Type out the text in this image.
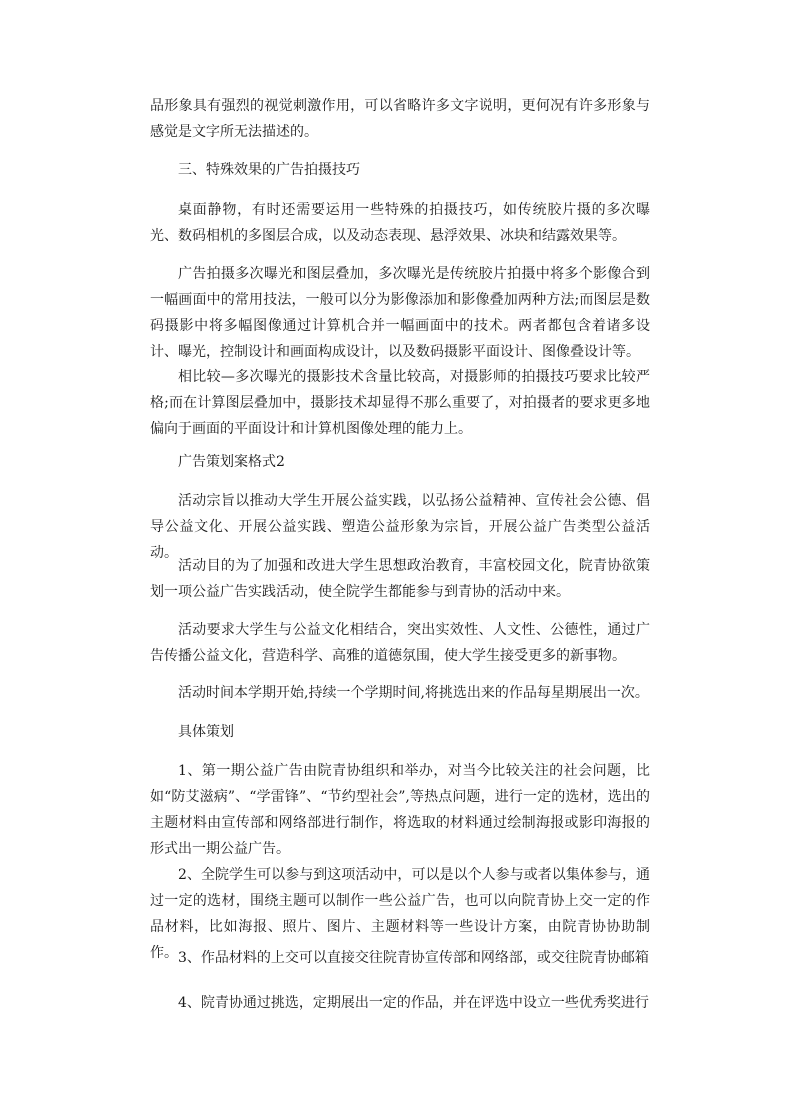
品形象具有强烈的视觉刺激作用，可以省略许多文字说明，更何况有许多形象与感觉是文字所无法描述的。

三、特殊效果的广告拍摄技巧

桌面静物，有时还需要运用一些特殊的拍摄技巧，如传统胶片摄的多次曝光、数码相机的多图层合成，以及动态表现、悬浮效果、冰块和结露效果等。

广告拍摄多次曝光和图层叠加，多次曝光是传统胶片拍摄中将多个影像合到一幅画面中的常用技法，一般可以分为影像添加和影像叠加两种方法;而图层是数码摄影中将多幅图像通过计算机合并一幅画面中的技术。两者都包含着诸多设计、曝光，控制设计和画面构成设计，以及数码摄影平面设计、图像叠设计等。

相比较—多次曝光的摄影技术含量比较高，对摄影师的拍摄技巧要求比较严格;而在计算图层叠加中，摄影技术却显得不那么重要了，对拍摄者的要求更多地偏向于画面的平面设计和计算机图像处理的能力上。

广告策划案格式2

活动宗旨以推动大学生开展公益实践，以弘扬公益精神、宣传社会公德、倡导公益文化、开展公益实践、塑造公益形象为宗旨，开展公益广告类型公益活动。

活动目的为了加强和改进大学生思想政治教育，丰富校园文化，院青协欲策划一项公益广告实践活动，使全院学生都能参与到青协的活动中来。

活动要求大学生与公益文化相结合，突出实效性、人文性、公德性，通过广告传播公益文化，营造科学、高雅的道德氛围，使大学生接受更多的新事物。

活动时间本学期开始,持续一个学期时间,将挑选出来的作品每星期展出一次。

具体策划

1、第一期公益广告由院青协组织和举办，对当今比较关注的社会问题，比如“防艾滋病”、“学雷锋”、“节约型社会”,等热点问题，进行一定的选材，选出的主题材料由宣传部和网络部进行制作，将选取的材料通过绘制海报或影印海报的形式出一期公益广告。

2、全院学生可以参与到这项活动中，可以是以个人参与或者以集体参与，通过一定的选材，围绕主题可以制作一些公益广告，也可以向院青协上交一定的作品材料，比如海报、照片、图片、主题材料等一些设计方案，由院青协协助制作。 3、作品材料的上交可以直接交往院青协宣传部和网络部，或交往院青协邮箱

4、院青协通过挑选，定期展出一定的作品，并在评选中设立一些优秀奖进行
